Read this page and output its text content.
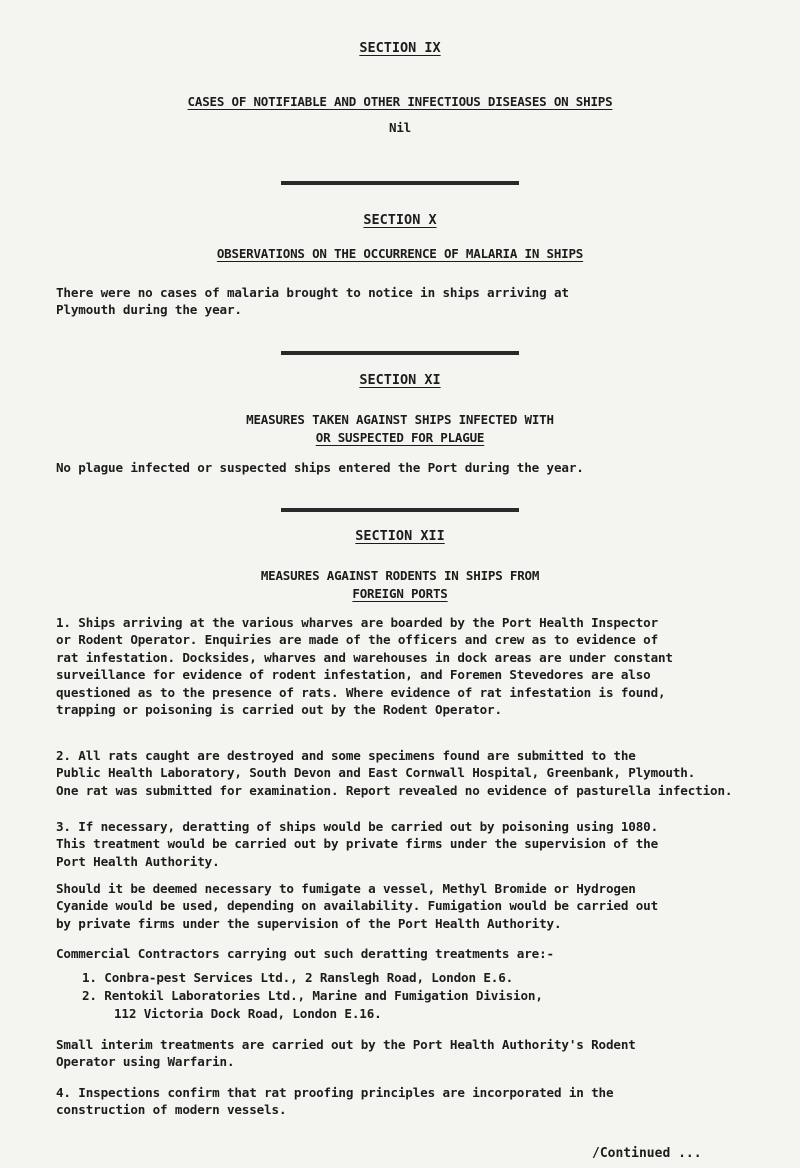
SECTION IX
CASES OF NOTIFIABLE AND OTHER INFECTIOUS DISEASES ON SHIPS
Nil
SECTION X
OBSERVATIONS ON THE OCCURRENCE OF MALARIA IN SHIPS
There were no cases of malaria brought to notice in ships arriving at
Plymouth during the year.
SECTION XI
MEASURES TAKEN AGAINST SHIPS INFECTED WITH
OR SUSPECTED FOR PLAGUE
No plague infected or suspected ships entered the Port during the year.
SECTION XII
MEASURES AGAINST RODENTS IN SHIPS FROM
FOREIGN PORTS
1. Ships arriving at the various wharves are boarded by the Port Health Inspector
or Rodent Operator. Enquiries are made of the officers and crew as to evidence of
rat infestation. Docksides, wharves and warehouses in dock areas are under constant
surveillance for evidence of rodent infestation, and Foremen Stevedores are also
questioned as to the presence of rats. Where evidence of rat infestation is found,
trapping or poisoning is carried out by the Rodent Operator.
2. All rats caught are destroyed and some specimens found are submitted to the
Public Health Laboratory, South Devon and East Cornwall Hospital, Greenbank, Plymouth.
One rat was submitted for examination. Report revealed no evidence of pasturella infection.
3. If necessary, deratting of ships would be carried out by poisoning using 1080.
This treatment would be carried out by private firms under the supervision of the
Port Health Authority.
Should it be deemed necessary to fumigate a vessel, Methyl Bromide or Hydrogen
Cyanide would be used, depending on availability. Fumigation would be carried out
by private firms under the supervision of the Port Health Authority.
Commercial Contractors carrying out such deratting treatments are:-
1. Conbra-pest Services Ltd., 2 Ranslegh Road, London E.6.
2. Rentokil Laboratories Ltd., Marine and Fumigation Division,
112 Victoria Dock Road, London E.16.
Small interim treatments are carried out by the Port Health Authority's Rodent
Operator using Warfarin.
4. Inspections confirm that rat proofing principles are incorporated in the
construction of modern vessels.
/Continued ...
